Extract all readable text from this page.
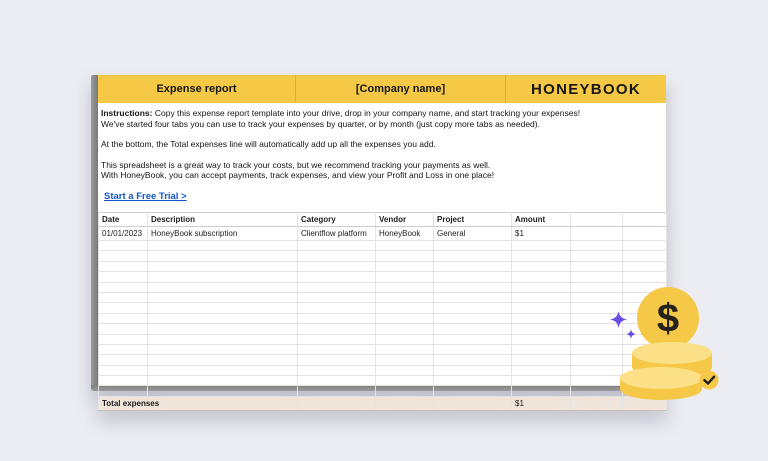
Expense report	[Company name]	HONEYBOOK

Instructions: Copy this expense report template into your drive, drop in your company name, and start tracking your expenses!
We've started four tabs you can use to track your expenses by quarter, or by month (just copy more tabs as needed).

At the bottom, the Total expenses line will automatically add up all the expenses you add.

This spreadsheet is a great way to track your costs, but we recommend tracking your payments as well.
With HoneyBook, you can accept payments, track expenses, and view your Profit and Loss in one place!

Start a Free Trial >
Date	Description	Category	Vendor	Project	Amount		
01/01/2023	HoneyBook subscription	Clientflow platform	HoneyBook	General	$1		

Total expenses					$1		
$
